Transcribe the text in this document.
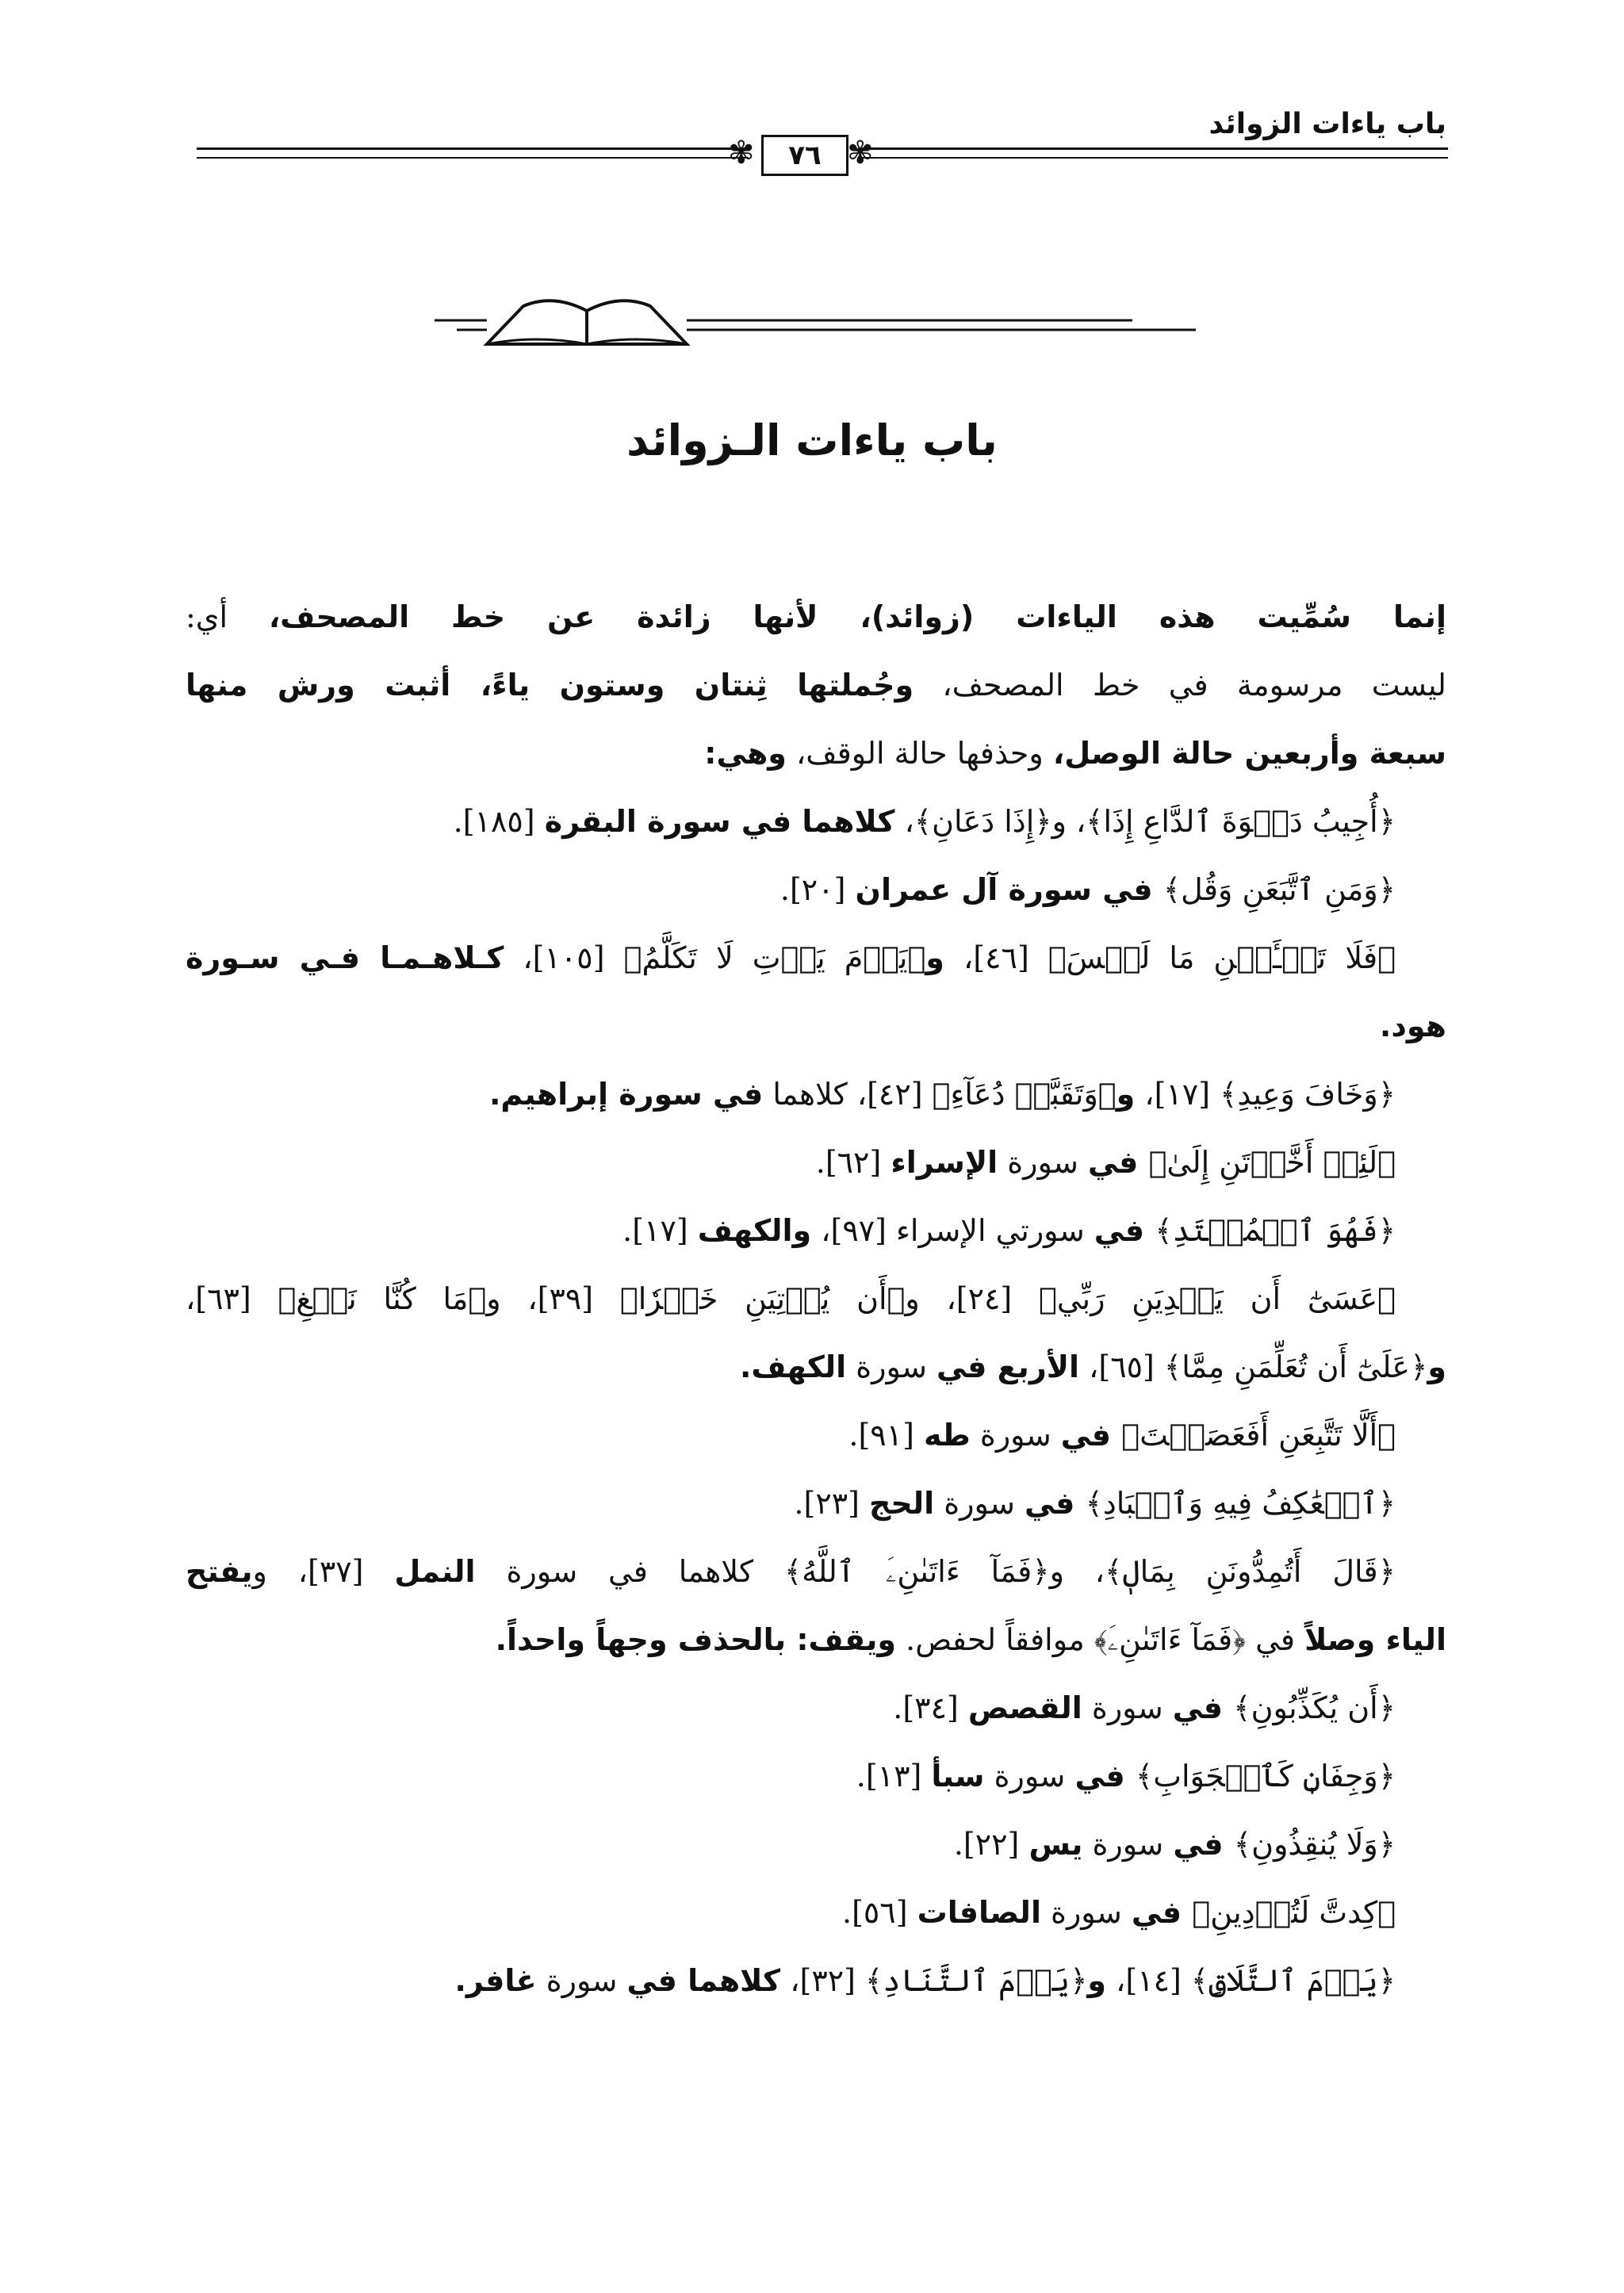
باب ياءات الزوائد
✾	٧٦ ✾
باب ياءات الـزوائد
إنما سُمِّيت هذه الياءات (زوائد)، لأنها زائدة عن خط المصحف، أي:
ليست مرسومة في خط المصحف، وجُملتها ثِنتان وستون ياءً، أثبت ورش منها
سبعة وأربعين حالة الوصل، وحذفها حالة الوقف، وهي:
﴿أُجِيبُ دَعۡوَةَ ٱلدَّاعِ إِذَا﴾، و﴿إِذَا دَعَانِ﴾، كلاهما في سورة البقرة [١٨٥].
﴿وَمَنِ ٱتَّبَعَنِ وَقُل﴾ في سورة آل عمران [٢٠].
﴿فَلَا تَسۡـَٔلۡنِ مَا لَيۡسَ﴾ [٤٦]، و﴿يَوۡمَ يَأۡتِ لَا تَكَلَّمُ﴾ [١٠٥]، كـلاهـمـا فـي سـورة
هود.
﴿وَخَافَ وَعِيدِ﴾ [١٧]، و﴿وَتَقَبَّلۡ دُعَآءِ﴾ [٤٢]، كلاهما في سورة إبراهيم.
﴿لَئِنۡ أَخَّرۡتَنِ إِلَىٰ﴾ في سورة الإسراء [٦٢].
﴿فَهُوَ ٱلۡمُهۡتَدِ﴾ في سورتي الإسراء [٩٧]، والكهف [١٧].
﴿عَسَىٰٓ أَن يَهۡدِيَنِ رَبِّي﴾ [٢٤]، و﴿أَن يُؤۡتِيَنِ خَيۡرٗا﴾ [٣٩]، و﴿مَا كُنَّا نَبۡغِ﴾ [٦٣]،
و﴿عَلَىٰٓ أَن تُعَلِّمَنِ مِمَّا﴾ [٦٥]، الأربع في سورة الكهف.
﴿أَلَّا تَتَّبِعَنِ أَفَعَصَيۡتَ﴾ في سورة طه [٩١].
﴿ٱلۡعَٰكِفُ فِيهِ وَٱلۡبَادِ﴾ في سورة الحج [٢٣].
﴿قَالَ أَتُمِدُّونَنِ بِمَالٖ﴾، و﴿فَمَآ ءَاتَىٰنِۦَ ٱللَّهُ﴾ كلاهما في سورة النمل [٣٧]، ويفتح
الياء وصلاً في ﴿فَمَآ ءَاتَىٰنِۦَ﴾ موافقاً لحفص. ويقف: بالحذف وجهاً واحداً.
﴿أَن يُكَذِّبُونِ﴾ في سورة القصص [٣٤].
﴿وَجِفَانٖ كَٱلۡجَوَابِ﴾ في سورة سبأ [١٣].
﴿وَلَا يُنقِذُونِ﴾ في سورة يس [٢٢].
﴿كِدتَّ لَتُرۡدِينِ﴾ في سورة الصافات [٥٦].
﴿يَوۡمَ ٱلتَّلَاقِ﴾ [١٤]، و﴿يَوۡمَ ٱلتَّنَادِ﴾ [٣٢]، كلاهما في سورة غافر.
